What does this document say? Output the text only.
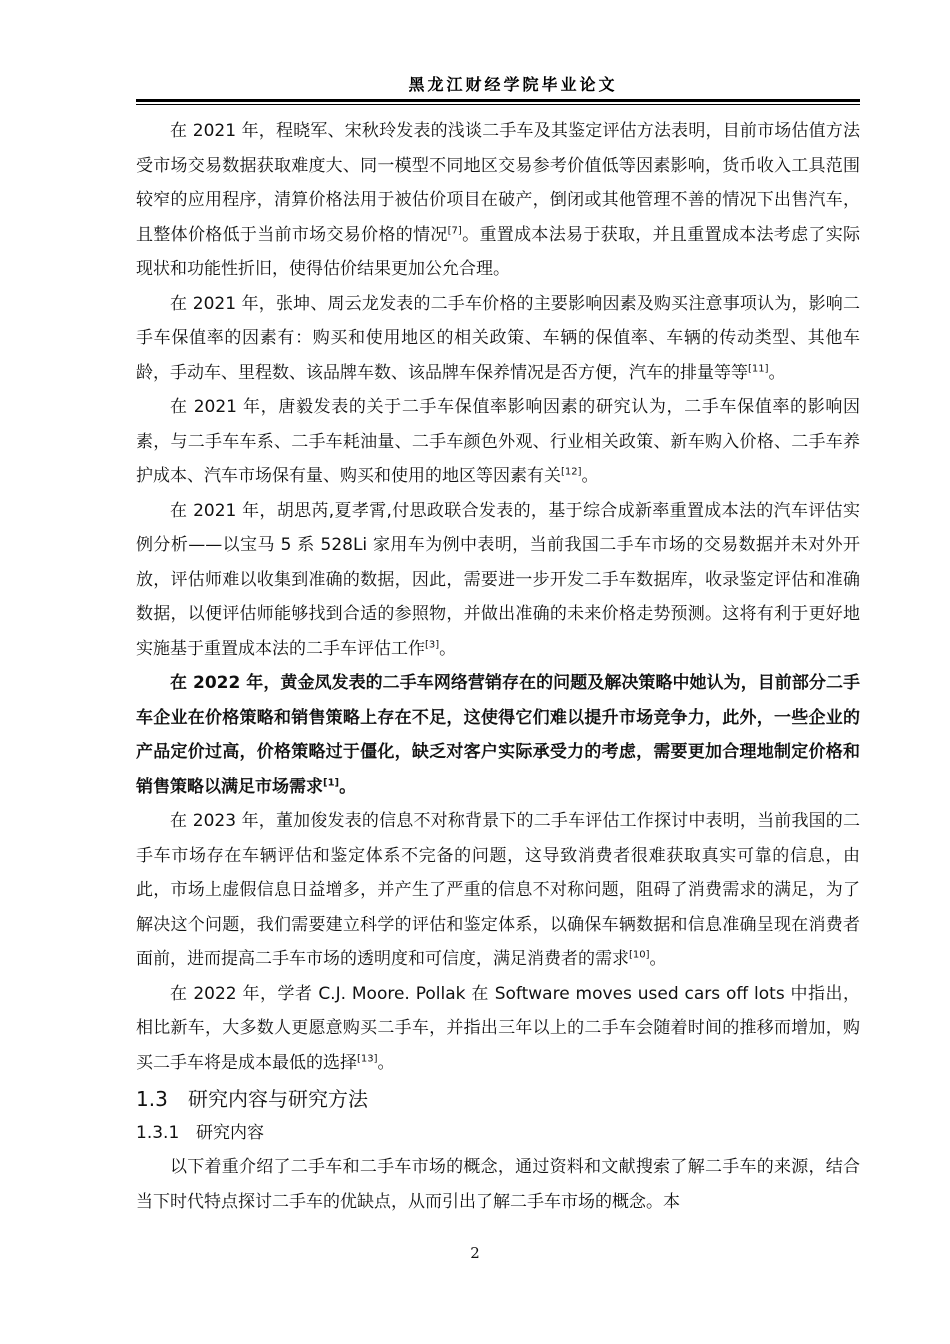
黑龙江财经学院毕业论文

在 2021 年，程晓军、宋秋玲发表的浅谈二手车及其鉴定评估方法表明，目前市场估值方法受市场交易数据获取难度大、同一模型不同地区交易参考价值低等因素影响，货币收入工具范围较窄的应用程序，清算价格法用于被估价项目在破产，倒闭或其他管理不善的情况下出售汽车，且整体价格低于当前市场交易价格的情况[7]。重置成本法易于获取，并且重置成本法考虑了实际现状和功能性折旧，使得估价结果更加公允合理。

在 2021 年，张坤、周云龙发表的二手车价格的主要影响因素及购买注意事项认为，影响二手车保值率的因素有：购买和使用地区的相关政策、车辆的保值率、车辆的传动类型、其他车龄，手动车、里程数、该品牌车数、该品牌车保养情况是否方便，汽车的排量等等[11]。

在 2021 年，唐毅发表的关于二手车保值率影响因素的研究认为，二手车保值率的影响因素，与二手车车系、二手车耗油量、二手车颜色外观、行业相关政策、新车购入价格、二手车养护成本、汽车市场保有量、购买和使用的地区等因素有关[12]。

在 2021 年，胡思芮,夏孝霄,付思政联合发表的，基于综合成新率重置成本法的汽车评估实例分析——以宝马 5 系 528Li 家用车为例中表明，当前我国二手车市场的交易数据并未对外开放，评估师难以收集到准确的数据，因此，需要进一步开发二手车数据库，收录鉴定评估和准确数据，以便评估师能够找到合适的参照物，并做出准确的未来价格走势预测。这将有利于更好地实施基于重置成本法的二手车评估工作[3]。

在 2022 年，黄金凤发表的二手车网络营销存在的问题及解决策略中她认为，目前部分二手车企业在价格策略和销售策略上存在不足，这使得它们难以提升市场竞争力，此外，一些企业的产品定价过高，价格策略过于僵化，缺乏对客户实际承受力的考虑，需要更加合理地制定价格和销售策略以满足市场需求[1]。

在 2023 年，董加俊发表的信息不对称背景下的二手车评估工作探讨中表明，当前我国的二手车市场存在车辆评估和鉴定体系不完备的问题，这导致消费者很难获取真实可靠的信息，由此，市场上虚假信息日益增多，并产生了严重的信息不对称问题，阻碍了消费需求的满足，为了解决这个问题，我们需要建立科学的评估和鉴定体系，以确保车辆数据和信息准确呈现在消费者面前，进而提高二手车市场的透明度和可信度，满足消费者的需求[10]。

在 2022 年，学者 C.J. Moore. Pollak 在 Software moves used cars off lots 中指出，相比新车，大多数人更愿意购买二手车，并指出三年以上的二手车会随着时间的推移而增加，购买二手车将是成本最低的选择[13]。

1.3 研究内容与研究方法
1.3.1 研究内容

以下着重介绍了二手车和二手车市场的概念，通过资料和文献搜索了解二手车的来源，结合当下时代特点探讨二手车的优缺点，从而引出了解二手车市场的概念。本

2
